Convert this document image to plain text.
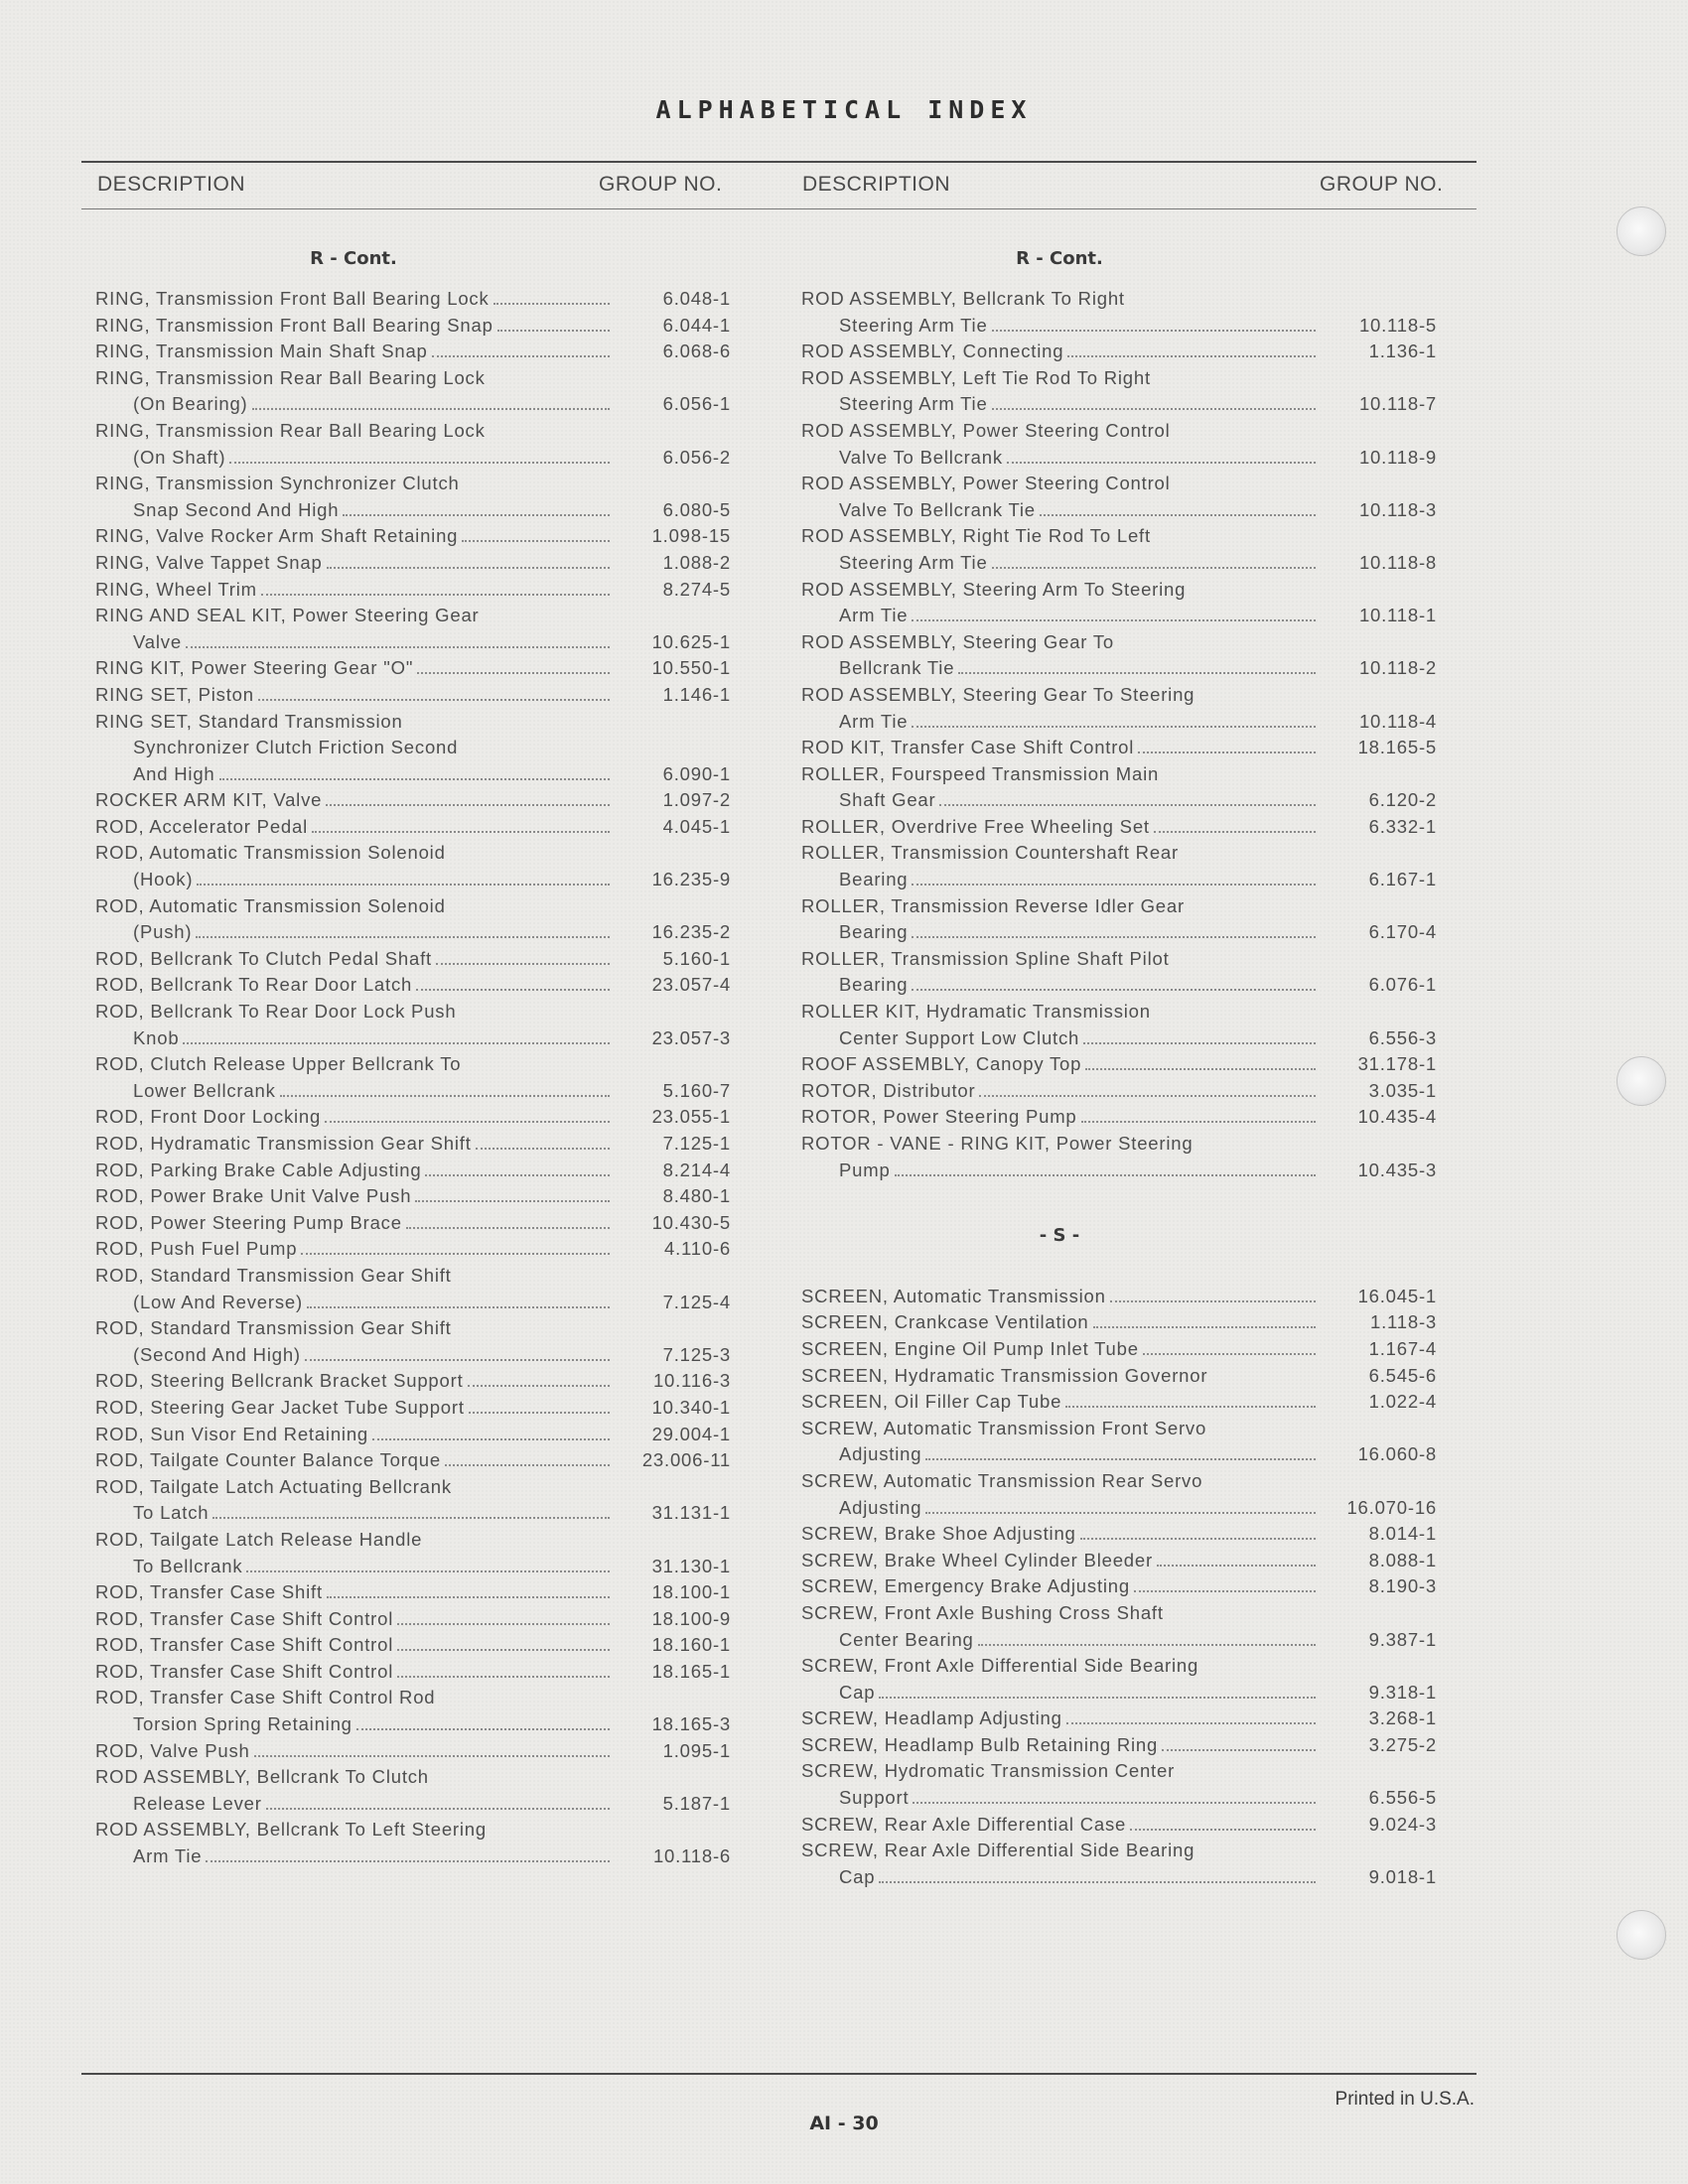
ALPHABETICAL INDEX
DESCRIPTION	GROUP NO.	DESCRIPTION	GROUP NO.
R - Cont.
RING, Transmission Front Ball Bearing Lock	6.048-1
RING, Transmission Front Ball Bearing Snap	6.044-1
RING, Transmission Main Shaft Snap	6.068-6
RING, Transmission Rear Ball Bearing Lock
(On Bearing)	6.056-1
RING, Transmission Rear Ball Bearing Lock
(On Shaft)	6.056-2
RING, Transmission Synchronizer Clutch
Snap Second And High	6.080-5
RING, Valve Rocker Arm Shaft Retaining	1.098-15
RING, Valve Tappet Snap	1.088-2
RING, Wheel Trim	8.274-5
RING AND SEAL KIT, Power Steering Gear
Valve	10.625-1
RING KIT, Power Steering Gear "O"	10.550-1
RING SET, Piston	1.146-1
RING SET, Standard Transmission
Synchronizer Clutch Friction Second
And High	6.090-1
ROCKER ARM KIT, Valve	1.097-2
ROD, Accelerator Pedal	4.045-1
ROD, Automatic Transmission Solenoid
(Hook)	16.235-9
ROD, Automatic Transmission Solenoid
(Push)	16.235-2
ROD, Bellcrank To Clutch Pedal Shaft	5.160-1
ROD, Bellcrank To Rear Door Latch	23.057-4
ROD, Bellcrank To Rear Door Lock Push
Knob	23.057-3
ROD, Clutch Release Upper Bellcrank To
Lower Bellcrank	5.160-7
ROD, Front Door Locking	23.055-1
ROD, Hydramatic Transmission Gear Shift	7.125-1
ROD, Parking Brake Cable Adjusting	8.214-4
ROD, Power Brake Unit Valve Push	8.480-1
ROD, Power Steering Pump Brace	10.430-5
ROD, Push Fuel Pump	4.110-6
ROD, Standard Transmission Gear Shift
(Low And Reverse)	7.125-4
ROD, Standard Transmission Gear Shift
(Second And High)	7.125-3
ROD, Steering Bellcrank Bracket Support	10.116-3
ROD, Steering Gear Jacket Tube Support	10.340-1
ROD, Sun Visor End Retaining	29.004-1
ROD, Tailgate Counter Balance Torque	23.006-11
ROD, Tailgate Latch Actuating Bellcrank
To Latch	31.131-1
ROD, Tailgate Latch Release Handle
To Bellcrank	31.130-1
ROD, Transfer Case Shift	18.100-1
ROD, Transfer Case Shift Control	18.100-9
ROD, Transfer Case Shift Control	18.160-1
ROD, Transfer Case Shift Control	18.165-1
ROD, Transfer Case Shift Control Rod
Torsion Spring Retaining	18.165-3
ROD, Valve Push	1.095-1
ROD ASSEMBLY, Bellcrank To Clutch
Release Lever	5.187-1
ROD ASSEMBLY, Bellcrank To Left Steering
Arm Tie	10.118-6
R - Cont.
ROD ASSEMBLY, Bellcrank To Right
Steering Arm Tie	10.118-5
ROD ASSEMBLY, Connecting	1.136-1
ROD ASSEMBLY, Left Tie Rod To Right
Steering Arm Tie	10.118-7
ROD ASSEMBLY, Power Steering Control
Valve To Bellcrank	10.118-9
ROD ASSEMBLY, Power Steering Control
Valve To Bellcrank Tie	10.118-3
ROD ASSEMBLY, Right Tie Rod To Left
Steering Arm Tie	10.118-8
ROD ASSEMBLY, Steering Arm To Steering
Arm Tie	10.118-1
ROD ASSEMBLY, Steering Gear To
Bellcrank Tie	10.118-2
ROD ASSEMBLY, Steering Gear To Steering
Arm Tie	10.118-4
ROD KIT, Transfer Case Shift Control	18.165-5
ROLLER, Fourspeed Transmission Main
Shaft Gear	6.120-2
ROLLER, Overdrive Free Wheeling Set	6.332-1
ROLLER, Transmission Countershaft Rear
Bearing	6.167-1
ROLLER, Transmission Reverse Idler Gear
Bearing	6.170-4
ROLLER, Transmission Spline Shaft Pilot
Bearing	6.076-1
ROLLER KIT, Hydramatic Transmission
Center Support Low Clutch	6.556-3
ROOF ASSEMBLY, Canopy Top	31.178-1
ROTOR, Distributor	3.035-1
ROTOR, Power Steering Pump	10.435-4
ROTOR - VANE - RING KIT, Power Steering
Pump	10.435-3
- S -
SCREEN, Automatic Transmission	16.045-1
SCREEN, Crankcase Ventilation	1.118-3
SCREEN, Engine Oil Pump Inlet Tube	1.167-4
SCREEN, Hydramatic Transmission Governor	6.545-6
SCREEN, Oil Filler Cap Tube	1.022-4
SCREW, Automatic Transmission Front Servo
Adjusting	16.060-8
SCREW, Automatic Transmission Rear Servo
Adjusting	16.070-16
SCREW, Brake Shoe Adjusting	8.014-1
SCREW, Brake Wheel Cylinder Bleeder	8.088-1
SCREW, Emergency Brake Adjusting	8.190-3
SCREW, Front Axle Bushing Cross Shaft
Center Bearing	9.387-1
SCREW, Front Axle Differential Side Bearing
Cap	9.318-1
SCREW, Headlamp Adjusting	3.268-1
SCREW, Headlamp Bulb Retaining Ring	3.275-2
SCREW, Hydromatic Transmission Center
Support	6.556-5
SCREW, Rear Axle Differential Case	9.024-3
SCREW, Rear Axle Differential Side Bearing
Cap	9.018-1
Printed in U.S.A.
AI - 30
